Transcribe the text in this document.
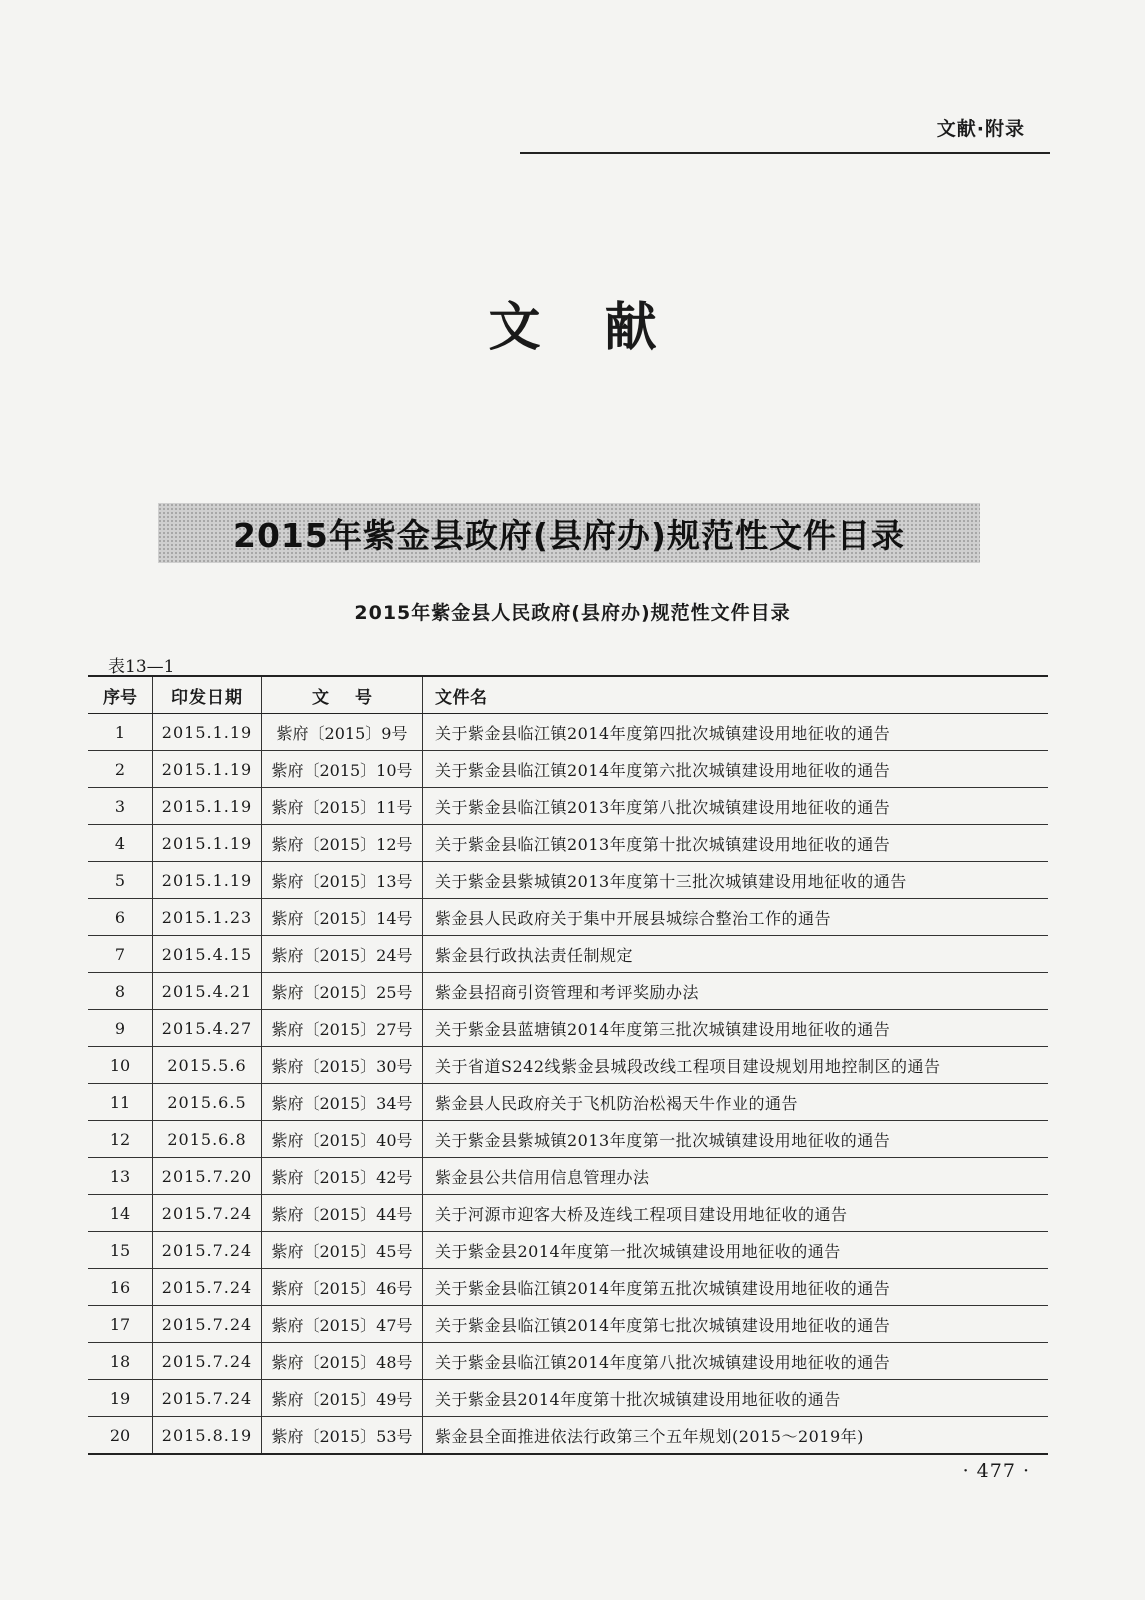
文献·附录
文献
2015年紫金县政府(县府办)规范性文件目录
2015年紫金县人民政府(县府办)规范性文件目录
表13—1
序号	印发日期	文号	文件名
1	2015.1.19	紫府〔2015〕9号	关于紫金县临江镇2014年度第四批次城镇建设用地征收的通告
2	2015.1.19	紫府〔2015〕10号	关于紫金县临江镇2014年度第六批次城镇建设用地征收的通告
3	2015.1.19	紫府〔2015〕11号	关于紫金县临江镇2013年度第八批次城镇建设用地征收的通告
4	2015.1.19	紫府〔2015〕12号	关于紫金县临江镇2013年度第十批次城镇建设用地征收的通告
5	2015.1.19	紫府〔2015〕13号	关于紫金县紫城镇2013年度第十三批次城镇建设用地征收的通告
6	2015.1.23	紫府〔2015〕14号	紫金县人民政府关于集中开展县城综合整治工作的通告
7	2015.4.15	紫府〔2015〕24号	紫金县行政执法责任制规定
8	2015.4.21	紫府〔2015〕25号	紫金县招商引资管理和考评奖励办法
9	2015.4.27	紫府〔2015〕27号	关于紫金县蓝塘镇2014年度第三批次城镇建设用地征收的通告
10	2015.5.6	紫府〔2015〕30号	关于省道S242线紫金县城段改线工程项目建设规划用地控制区的通告
11	2015.6.5	紫府〔2015〕34号	紫金县人民政府关于飞机防治松褐天牛作业的通告
12	2015.6.8	紫府〔2015〕40号	关于紫金县紫城镇2013年度第一批次城镇建设用地征收的通告
13	2015.7.20	紫府〔2015〕42号	紫金县公共信用信息管理办法
14	2015.7.24	紫府〔2015〕44号	关于河源市迎客大桥及连线工程项目建设用地征收的通告
15	2015.7.24	紫府〔2015〕45号	关于紫金县2014年度第一批次城镇建设用地征收的通告
16	2015.7.24	紫府〔2015〕46号	关于紫金县临江镇2014年度第五批次城镇建设用地征收的通告
17	2015.7.24	紫府〔2015〕47号	关于紫金县临江镇2014年度第七批次城镇建设用地征收的通告
18	2015.7.24	紫府〔2015〕48号	关于紫金县临江镇2014年度第八批次城镇建设用地征收的通告
19	2015.7.24	紫府〔2015〕49号	关于紫金县2014年度第十批次城镇建设用地征收的通告
20	2015.8.19	紫府〔2015〕53号	紫金县全面推进依法行政第三个五年规划(2015～2019年)
· 477 ·
